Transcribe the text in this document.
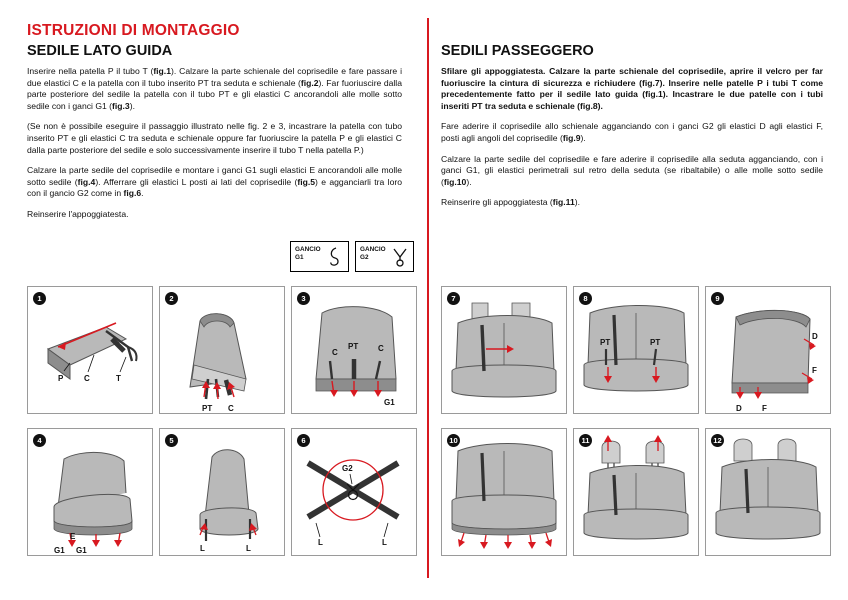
ISTRUZIONI DI MONTAGGIO
SEDILE LATO GUIDA	SEDILI PASSEGGERO

Inserire nella patella P il tubo T (fig.1). Calzare la parte schienale del coprisedile e fare passare i due elastici C e la patella con il tubo inserito PT tra seduta e schienale (fig.2). Far fuoriuscire dalla parte posteriore del sedile la patella con il tubo PT e gli elastici C ancorandoli alle molle sotto sedile con i ganci G1 (fig.3).

(Se non è possibile eseguire il passaggio illustrato nelle fig. 2 e 3, incastrare la patella con tubo inserito PT e gli elastici C tra seduta e schienale oppure far fuoriuscire la patella P e gli elastici C dalla parte posteriore del sedile e solo successivamente inserire il tubo T nella patella P.)

Calzare la parte sedile del coprisedile e montare i ganci G1 sugli elastici E ancorandoli alle molle sotto sedile (fig.4). Afferrare gli elastici L posti ai lati del coprisedile (fig.5) e agganciarli tra loro con il gancio G2 come in fig.6.

Reinserire l'appoggiatesta.

Sfilare gli appoggiatesta. Calzare la parte schienale del coprisedile, aprire il velcro per far fuoriuscire la cintura di sicurezza e richiudere (fig.7). Inserire nelle patelle P i tubi T come precedentemente fatto per il sedile lato guida (fig.1). Incastrare le due patelle con i tubi inseriti PT tra seduta e schienale (fig.8).

Fare aderire il coprisedile allo schienale agganciando con i ganci G2 gli elastici D agli elastici F, posti agli angoli del coprisedile (fig.9).

Calzare la parte sedile del coprisedile e fare aderire il coprisedile alla seduta agganciando, con i ganci G1, gli elastici perimetrali sul retro della seduta (se ribaltabile) o alle molle sotto sedile (fig.10).

Reinserire gli appoggiatesta (fig.11).

GANCIO
G1
GANCIO
G2
1
P	C	T
2
PT C
3
C
PT C
G1
4
E
G1 G1
5
L	L
6
G2
L	L
7	8
PT	PT
9
D
F
D	F
10	11	12
